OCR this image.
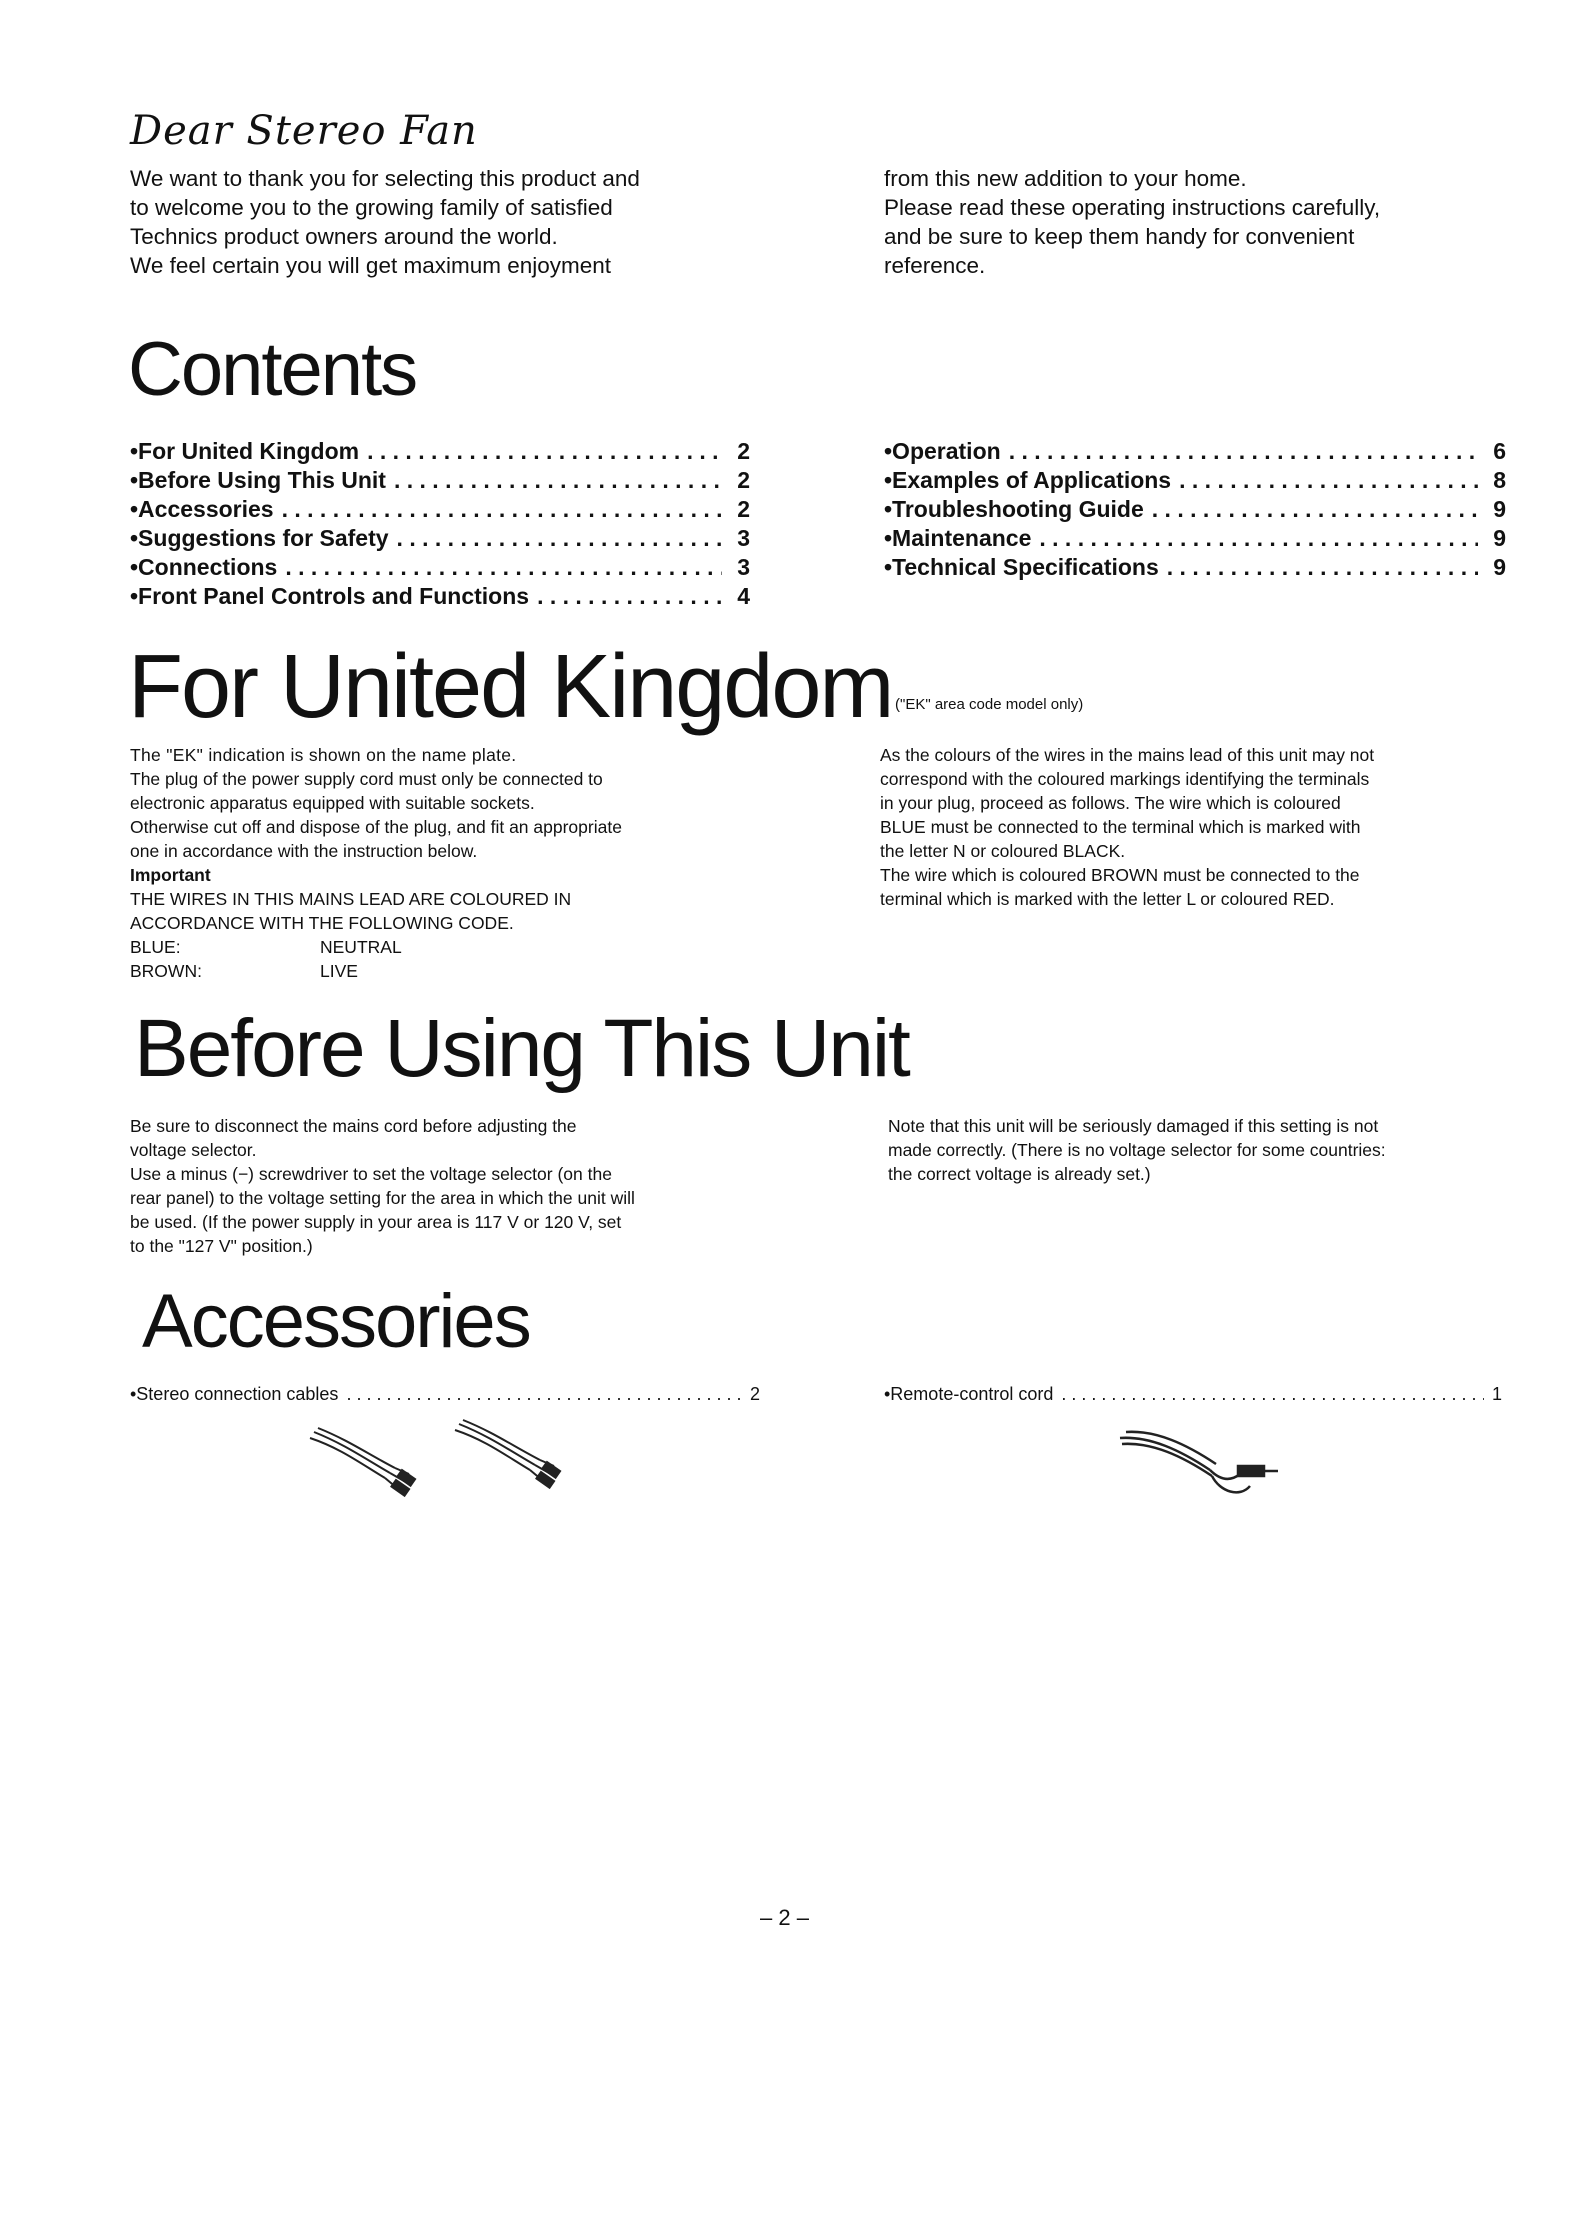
Dear Stereo Fan

We want to thank you for selecting this product and

to welcome you to the growing family of satisfied

Technics product owners around the world.

We feel certain you will get maximum enjoyment

from this new addition to your home.

Please read these operating instructions carefully,

and be sure to keep them handy for convenient

reference.

Contents
•For United Kingdom . . .	2
•Before Using This Unit . . .	2
•Accessories . . .	2
•Suggestions for Safety . . .	3
•Connections . . .	3
•Front Panel Controls and Functions . . .	4
•Operation . . .	6
•Examples of Applications . . .	8
•Troubleshooting Guide . . .	9
•Maintenance . . .	9
•Technical Specifications . . .	9
For United Kingdom ("EK" area code model only)

The "EK" indication is shown on the name plate.

The plug of the power supply cord must only be connected to

electronic apparatus equipped with suitable sockets.

Otherwise cut off and dispose of the plug, and fit an appropriate

one in accordance with the instruction below.

Important

THE WIRES IN THIS MAINS LEAD ARE COLOURED IN

ACCORDANCE WITH THE FOLLOWING CODE.

BLUE:	NEUTRAL
BROWN:	LIVE

As the colours of the wires in the mains lead of this unit may not

correspond with the coloured markings identifying the terminals

in your plug, proceed as follows. The wire which is coloured

BLUE must be connected to the terminal which is marked with

the letter N or coloured BLACK.

The wire which is coloured BROWN must be connected to the

terminal which is marked with the letter L or coloured RED.

Before Using This Unit

Be sure to disconnect the mains cord before adjusting the

voltage selector.

Use a minus (−) screwdriver to set the voltage selector (on the

rear panel) to the voltage setting for the area in which the unit will

be used. (If the power supply in your area is 117 V or 120 V, set

to the "127 V" position.)

Note that this unit will be seriously damaged if this setting is not

made correctly. (There is no voltage selector for some countries:

the correct voltage is already set.)

Accessories
•Stereo connection cables . . .	2	•Remote-control cord . . .	1
– 2 –
